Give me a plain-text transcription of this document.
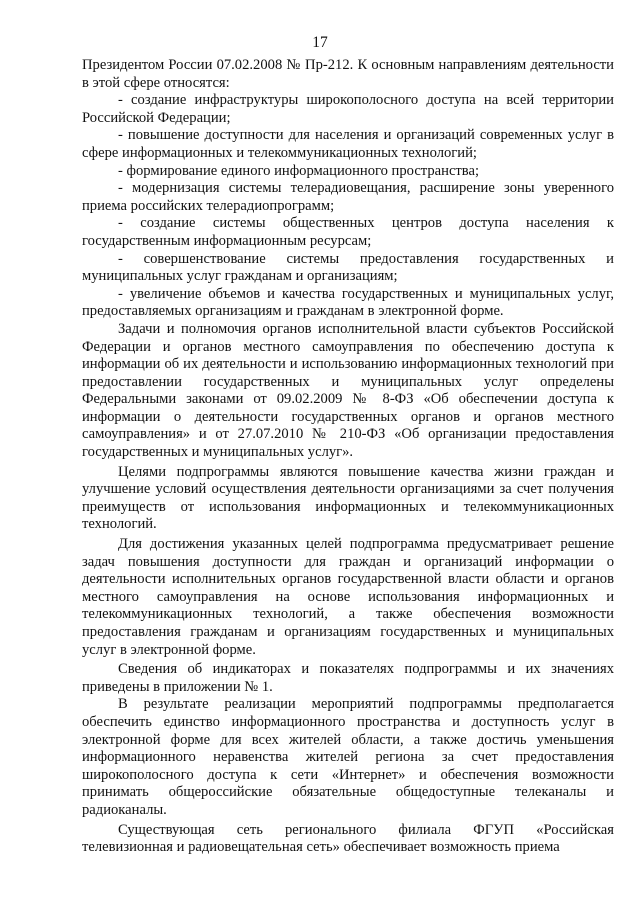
17

Президентом России 07.02.2008 № Пр-212. К основным направлениям деятельности в этой сфере относятся:

- создание инфраструктуры широкополосного доступа на всей территории Российской Федерации;

- повышение доступности для населения и организаций современных услуг в сфере информационных и телекоммуникационных технологий;

- формирование единого информационного пространства;

- модернизация системы телерадиовещания, расширение зоны уверенного приема российских телерадиопрограмм;

- создание системы общественных центров доступа населения к государственным информационным ресурсам;

- совершенствование системы предоставления государственных и муниципальных услуг гражданам и организациям;

- увеличение объемов и качества государственных и муниципальных услуг, предоставляемых организациям и гражданам в электронной форме.

Задачи и полномочия органов исполнительной власти субъектов Российской Федерации и органов местного самоуправления по обеспечению доступа к информации об их деятельности и использованию информационных технологий при предоставлении государственных и муниципальных услуг определены Федеральными законами от 09.02.2009 № 8-ФЗ «Об обеспечении доступа к информации о деятельности государственных органов и органов местного самоуправления» и от 27.07.2010 № 210-ФЗ «Об организации предоставления государственных и муниципальных услуг».

Целями подпрограммы являются повышение качества жизни граждан и улучшение условий осуществления деятельности организациями за счет получения преимуществ от использования информационных и телекоммуникационных технологий.

Для достижения указанных целей подпрограмма предусматривает решение задач повышения доступности для граждан и организаций информации о деятельности исполнительных органов государственной власти области и органов местного самоуправления на основе использования информационных и телекоммуникационных технологий, а также обеспечения возможности предоставления гражданам и организациям государственных и муниципальных услуг в электронной форме.

Сведения об индикаторах и показателях подпрограммы и их значениях приведены в приложении № 1.

В результате реализации мероприятий подпрограммы предполагается обеспечить единство информационного пространства и доступность услуг в электронной форме для всех жителей области, а также достичь уменьшения информационного неравенства жителей региона за счет предоставления широкополосного доступа к сети «Интернет» и обеспечения возможности принимать общероссийские обязательные общедоступные телеканалы и радиоканалы.

Существующая сеть регионального филиала ФГУП «Российская телевизионная и радиовещательная сеть» обеспечивает возможность приема
